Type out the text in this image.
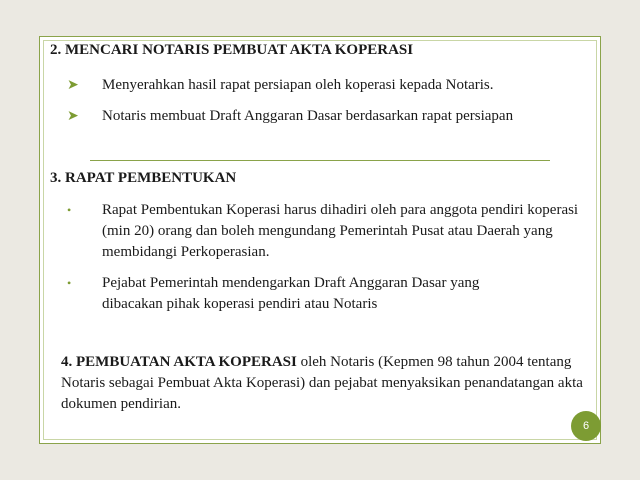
2. MENCARI NOTARIS PEMBUAT AKTA KOPERASI
➤ Menyerahkan hasil rapat persiapan oleh koperasi kepada Notaris.
➤ Notaris membuat Draft Anggaran Dasar berdasarkan rapat persiapan
3. RAPAT PEMBENTUKAN
•	Rapat Pembentukan Koperasi harus dihadiri oleh para anggota pendiri koperasi (min 20) orang dan boleh mengundang Pemerintah Pusat atau Daerah yang membidangi Perkoperasian.
•	Pejabat Pemerintah mendengarkan Draft Anggaran Dasar yang dibacakan pihak koperasi pendiri atau Notaris
4. PEMBUATAN AKTA KOPERASI oleh Notaris (Kepmen 98 tahun 2004 tentang Notaris sebagai Pembuat Akta Koperasi) dan pejabat menyaksikan penandatangan akta dokumen pendirian.
6
